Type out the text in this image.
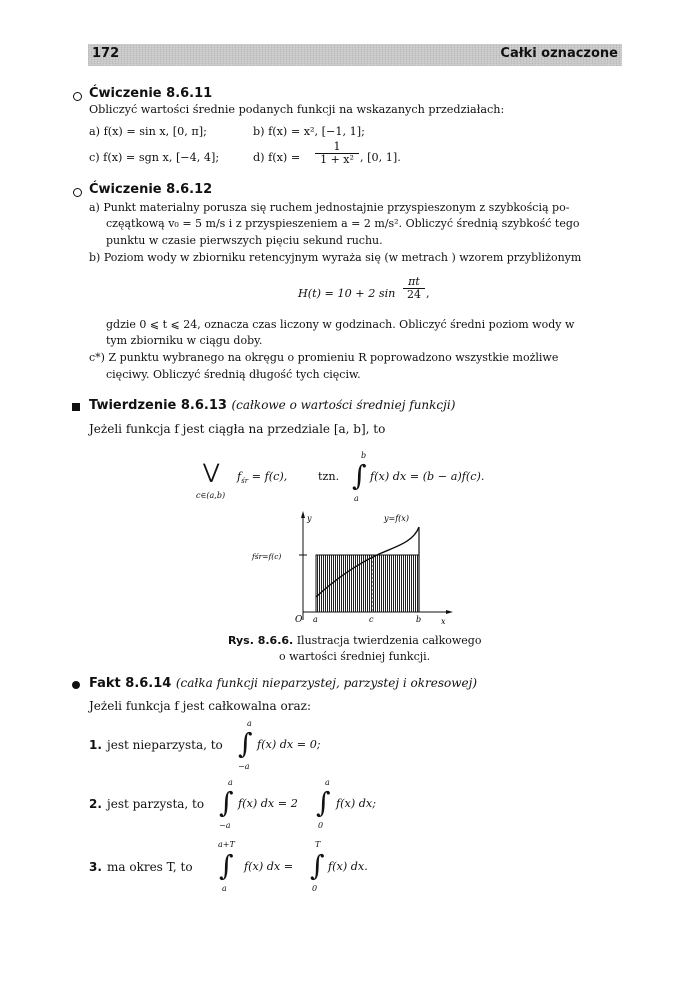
172	Całki oznaczone
Ćwiczenie 8.6.11
Obliczyć wartości średnie podanych funkcji na wskazanych przedziałach:
a) f(x) = sin x, [0, π];	b) f(x) = x², [−1, 1];
c) f(x) = sgn x, [−4, 4];	d) $f(x) = \frac{1}{\text{1 + x²}}$ , [0, 1].
Ćwiczenie 8.6.12
a) Punkt materialny porusza się ruchem jednostajnie przyspieszonym z szybkością po-
częątkową v₀ = 5 m/s i z przyspieszeniem a = 2 m/s². Obliczyć średnią szybkość tego
punktu w czasie pierwszych pięciu sekund ruchu.
b) Poziom wody w zbiorniku retencyjnym wyraża się (w metrach ) wzorem przybliżonym
H(t) = 10 + 2 $\sin \frac{\pi t}{24}$ ,
gdzie 0 ⩽ t ⩽ 24, oznacza czas liczony w godzinach. Obliczyć średni poziom wody w
tym zbiorniku w ciągu doby.
c*) Z punktu wybranego na okręgu o promieniu R poprowadzono wszystkie możliwe
cięciwy. Obliczyć średnią długość tych cięciw.
Twierdzenie 8.6.13 (całkowe o wartości średniej funkcji)
Jeżeli funkcja f jest ciągła na przedziale [a, b], to
⋁
c∈(a,b)
$f_{śr} = f(c)$,	tzn.
b
∫
a
f(x) dx = (b − a)f(c).
y
x
y=f(x)
fśr=f(c)
O a	c	b
Rys. 8.6.6. Ilustracja twierdzenia całkowego
o wartości średniej funkcji.
Fakt 8.6.14 (całka funkcji nieparzystej, parzystej i okresowej)
Jeżeli funkcja f jest całkowalna oraz:
1. jest nieparzysta, to
a
∫
−a
f(x) dx = 0;
2. jest parzysta, to
a
∫
−a
f(x) dx = 2
a
∫
0
f(x) dx;
3. ma okres T, to
a+T
∫
a
f(x) dx =
T
∫
0
f(x) dx.
